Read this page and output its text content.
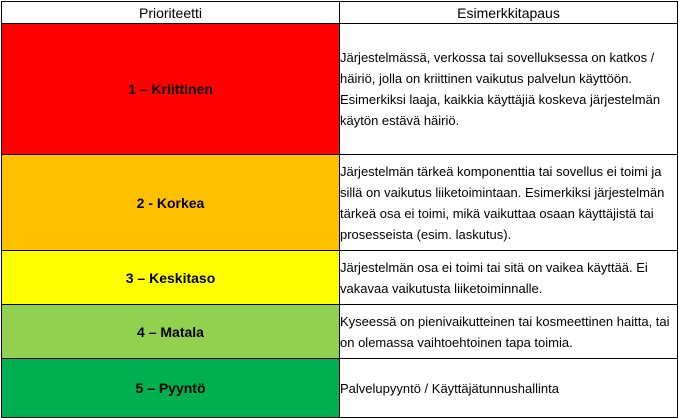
Prioriteetti	Esimerkkitapaus
1 – Kriittinen	Järjestelmässä, verkossa tai sovelluksessa on katkos / häiriö, jolla on kriittinen vaikutus palvelun käyttöön. Esimerkiksi laaja, kaikkia käyttäjiä koskeva järjestelmän käytön estävä häiriö.
2 - Korkea	Järjestelmän tärkeä komponenttia tai sovellus ei toimi ja sillä on vaikutus liiketoimintaan. Esimerkiksi järjestelmän tärkeä osa ei toimi, mikä vaikuttaa osaan käyttäjistä tai prosesseista (esim. laskutus).
3 – Keskitaso	Järjestelmän osa ei toimi tai sitä on vaikea käyttää. Ei vakavaa vaikutusta liiketoiminnalle.
4 – Matala	Kyseessä on pienivaikutteinen tai kosmeettinen haitta, tai on olemassa vaihtoehtoinen tapa toimia.
5 – Pyyntö	Palvelupyyntö / Käyttäjätunnushallinta
